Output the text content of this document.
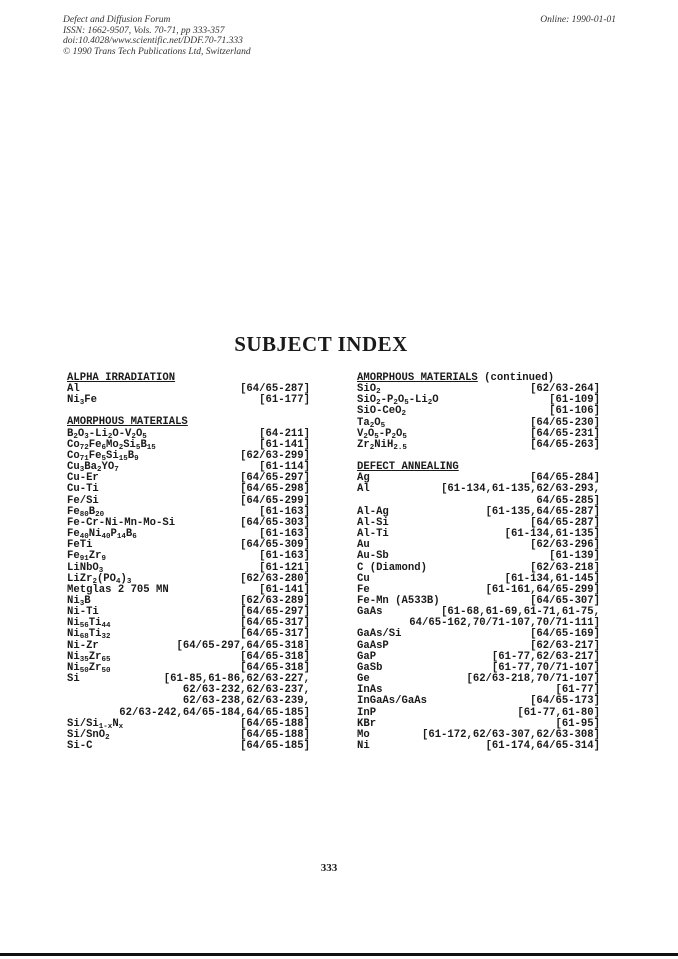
Defect and Diffusion Forum
ISSN: 1662-9507, Vols. 70-71, pp 333-357
doi:10.4028/www.scientific.net/DDF.70-71.333
© 1990 Trans Tech Publications Ltd, Switzerland
Online: 1990-01-01
SUBJECT INDEX
ALPHA IRRADIATION
Al	[64/65-287]
$Ni_3Fe$	[61-177]
AMORPHOUS MATERIALS
$B_2O_3-Li_2O-V_2O_5$	[64-211]
$Co_{72}Fe_6Mo_2Si_5B_{15}$	[61-141]
$Co_{71}Fe_5Si_{15}B_9$	[62/63-299]
$Cu_3Ba_2YO_7$	[61-114]
Cu-Er	[64/65-297]
Cu-Ti	[64/65-298]
Fe/Si	[64/65-299]
$Fe_{80}B_{20}$	[61-163]
Fe-Cr-Ni-Mn-Mo-Si	[64/65-303]
$Fe_{40}Ni_{40}P_{14}B_6$	[61-163]
FeTi	[64/65-309]
$Fe_{91}Zr_9$	[61-163]
LiNbO$_3$	[61-121]
$LiZr_2(PO_4)_3$	[62/63-280]
Metglas 2 705 MN	[61-141]
$Ni_3B$	[62/63-289]
Ni-Ti	[64/65-297]
$Ni_{56}Ti_{44}$	[64/65-317]
$Ni_{68}Ti_{32}$	[64/65-317]
Ni-Zr	[64/65-297,64/65-318]
$Ni_{35}Zr_{65}$	[64/65-318]
$Ni_{50}Zr_{50}$	[64/65-318]
Si	[61-85,61-86,62/63-227,
62/63-232,62/63-237,
62/63-238,62/63-239,
62/63-242,64/65-184,64/65-185]
$Si/Si_{1-x}N_x$	[64/65-188]
Si/SnO$_2$	[64/65-188]
Si-C	[64/65-185]
AMORPHOUS MATERIALS (continued)
SiO$_2$	[62/63-264]
$SiO_2-P_2O_5-Li_2O$	[61-109]
SiO-CeO$_2$	[61-106]
$Ta_2O_5$	[64/65-230]
$V_2O_5-P_2O_5$	[64/65-231]
$Zr_2NiH_{2.5}$	[64/65-263]
DEFECT ANNEALING
Ag	[64/65-284]
Al	[61-134,61-135,62/63-293,
64/65-285]
Al-Ag	[61-135,64/65-287]
Al-Si	[64/65-287]
Al-Ti	[61-134,61-135]
Au	[62/63-296]
Au-Sb	[61-139]
C (Diamond)	[62/63-218]
Cu	[61-134,61-145]
Fe	[61-161,64/65-299]
Fe-Mn (A533B)	[64/65-307]
GaAs	[61-68,61-69,61-71,61-75,
64/65-162,70/71-107,70/71-111]
GaAs/Si	[64/65-169]
GaAsP	[62/63-217]
GaP	[61-77,62/63-217]
GaSb	[61-77,70/71-107]
Ge	[62/63-218,70/71-107]
InAs	[61-77]
InGaAs/GaAs	[64/65-173]
InP	[61-77,61-80]
KBr	[61-95]
Mo	[61-172,62/63-307,62/63-308]
Ni	[61-174,64/65-314]
333
